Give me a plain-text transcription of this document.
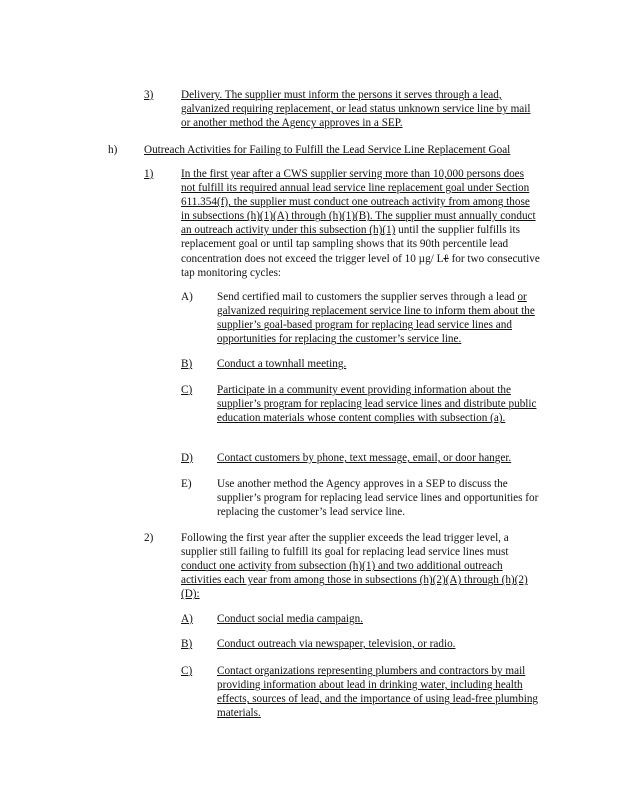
3) Delivery. The supplier must inform the persons it serves through a lead, galvanized requiring replacement, or lead status unknown service line by mail or another method the Agency approves in a SEP.
h) Outreach Activities for Failing to Fulfill the Lead Service Line Replacement Goal
1) In the first year after a CWS supplier serving more than 10,000 persons does not fulfill its required annual lead service line replacement goal under Section 611.354(f), the supplier must conduct one outreach activity from among those in subsections (h)(1)(A) through (h)(1)(B). The supplier must annually conduct an outreach activity under this subsection (h)(1) until the supplier fulfills its replacement goal or until tap sampling shows that its 90th percentile lead concentration does not exceed the trigger level of 10 µg/ Lℓ for two consecutive tap monitoring cycles:
A) Send certified mail to customers the supplier serves through a lead or galvanized requiring replacement service line to inform them about the supplier’s goal-based program for replacing lead service lines and opportunities for replacing the customer’s service line.
B) Conduct a townhall meeting.
C) Participate in a community event providing information about the supplier’s program for replacing lead service lines and distribute public education materials whose content complies with subsection (a).
D) Contact customers by phone, text message, email, or door hanger.
E) Use another method the Agency approves in a SEP to discuss the supplier’s program for replacing lead service lines and opportunities for replacing the customer’s lead service line.
2) Following the first year after the supplier exceeds the lead trigger level, a supplier still failing to fulfill its goal for replacing lead service lines must conduct one activity from subsection (h)(1) and two additional outreach activities each year from among those in subsections (h)(2)(A) through (h)(2)(D):
A) Conduct social media campaign.
B) Conduct outreach via newspaper, television, or radio.
C) Contact organizations representing plumbers and contractors by mail providing information about lead in drinking water, including health effects, sources of lead, and the importance of using lead-free plumbing materials.
